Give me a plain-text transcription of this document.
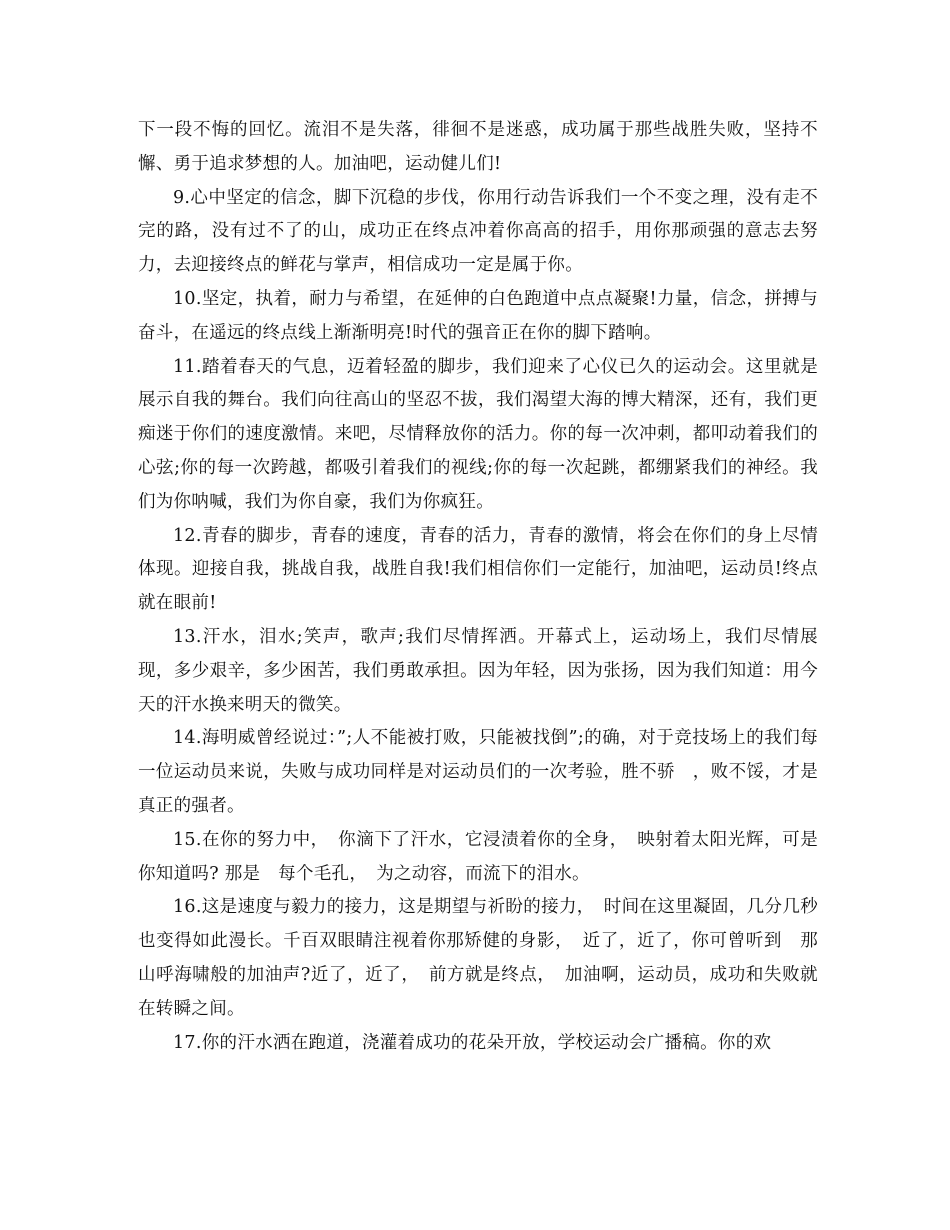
下一段不悔的回忆。流泪不是失落，徘徊不是迷惑，成功属于那些战胜失败，坚持不懈、勇于追求梦想的人。加油吧，运动健儿们!

9.心中坚定的信念，脚下沉稳的步伐，你用行动告诉我们一个不变之理，没有走不完的路，没有过不了的山，成功正在终点冲着你高高的招手，用你那顽强的意志去努力，去迎接终点的鲜花与掌声，相信成功一定是属于你。

10.坚定，执着，耐力与希望，在延伸的白色跑道中点点凝聚!力量，信念，拼搏与奋斗，在遥远的终点线上渐渐明亮!时代的强音正在你的脚下踏响。

11.踏着春天的气息，迈着轻盈的脚步，我们迎来了心仪已久的运动会。这里就是展示自我的舞台。我们向往高山的坚忍不拔，我们渴望大海的博大精深，还有，我们更痴迷于你们的速度激情。来吧，尽情释放你的活力。你的每一次冲刺，都叩动着我们的心弦;你的每一次跨越，都吸引着我们的视线;你的每一次起跳，都绷紧我们的神经。我们为你呐喊，我们为你自豪，我们为你疯狂。

12.青春的脚步，青春的速度，青春的活力，青春的激情，将会在你们的身上尽情体现。迎接自我，挑战自我，战胜自我!我们相信你们一定能行，加油吧，运动员!终点就在眼前!

13.汗水，泪水;笑声，歌声;我们尽情挥洒。开幕式上，运动场上，我们尽情展现，多少艰辛，多少困苦，我们勇敢承担。因为年轻，因为张扬，因为我们知道：用今天的汗水换来明天的微笑。

14.海明威曾经说过：”;人不能被打败，只能被找倒”;的确，对于竞技场上的我们每一位运动员来说，失败与成功同样是对运动员们的一次考验，胜不骄　，败不馁，才是真正的强者。

15.在你的努力中，　你滴下了汗水，它浸渍着你的全身，　映射着太阳光辉，可是你知道吗? 那是　每个毛孔，　为之动容，而流下的泪水。

16.这是速度与毅力的接力，这是期望与祈盼的接力，　时间在这里凝固，几分几秒也变得如此漫长。千百双眼睛注视着你那矫健的身影，　近了，近了，你可曾听到　那山呼海啸般的加油声?近了，近了，　前方就是终点，　加油啊，运动员，成功和失败就在转瞬之间。

17.你的汗水洒在跑道，浇灌着成功的花朵开放，学校运动会广播稿。你的欢
